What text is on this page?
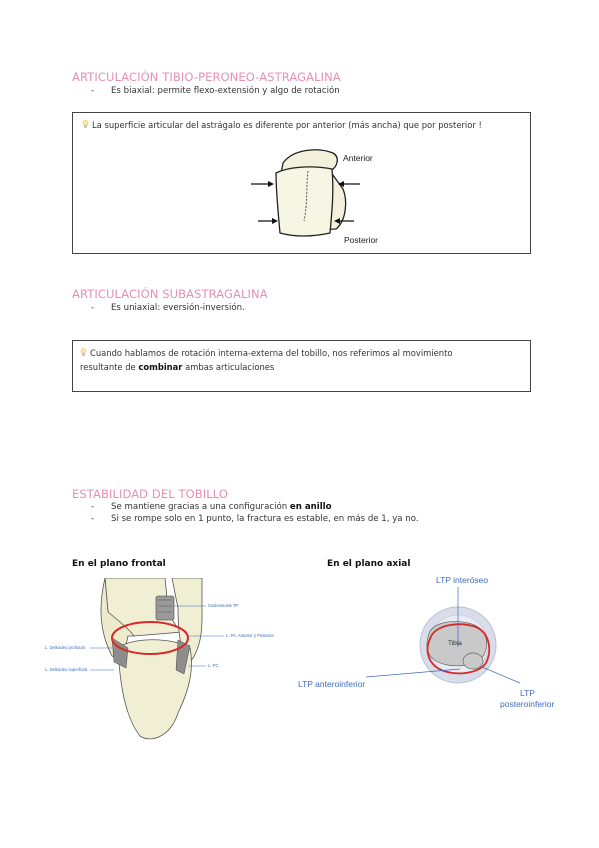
ARTICULACIÓN TIBIO-PERONEO-ASTRAGALINA
- Es biaxial: permite flexo-extensión y algo de rotación
La superficie articular del astrágalo es diferente por anterior (más ancha) que por posterior !
Anterior
Posterior
ARTICULACIÓN SUBASTRAGALINA
- Es uniaxial: eversión-inversión.
Cuando hablamos de rotación interna-externa del tobillo, nos referimos al movimiento
resultante de combinar ambas articulaciones
ESTABILIDAD DEL TOBILLO
- Se mantiene gracias a una configuración en anillo
- Si se rompe solo en 1 punto, la fractura es estable, en más de 1, ya no.
En el plano frontal
Sindesmosis TP
L. PA. Anterior y Posterior
L. PC
L. Deltoideo profundo
L. Deltoideo superficial
En el plano axial
LTP interóseo
Tibia
LTP anteroinferior
LTP
posteroinferior
